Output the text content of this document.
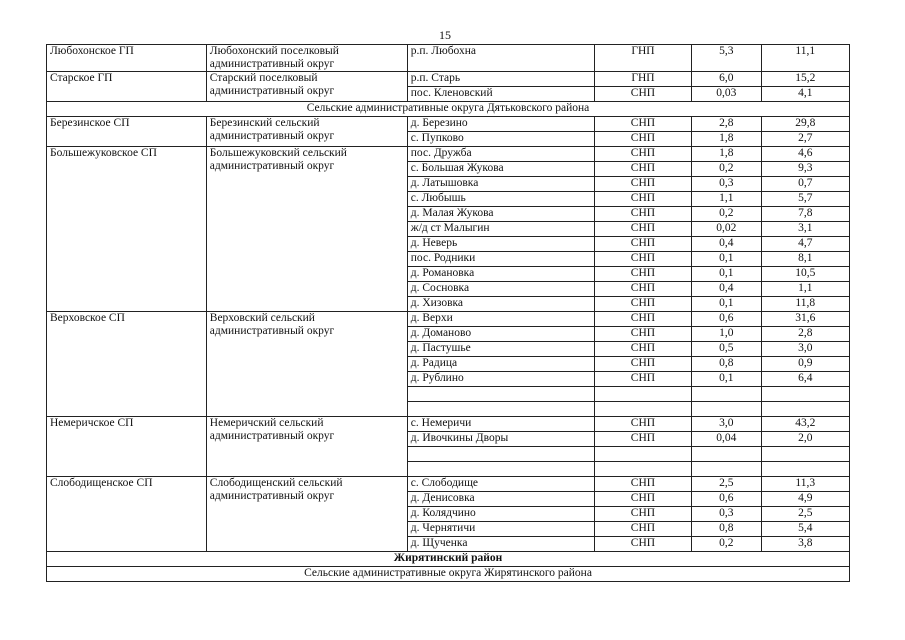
15
Любохонское ГП	Любохонский поселковый административный округ	р.п. Любохна	ГНП	5,3	11,1
Старское ГП	Старский поселковый административный округ	р.п. Старь	ГНП	6,0	15,2
		пос. Кленовский	СНП	0,03	4,1
Сельские административные округа Дятьковского района					
Березинское СП	Березинский сельский административный округ	д. Березино	СНП	2,8	29,8
		с. Пупково	СНП	1,8	2,7
Большежуковское СП	Большежуковский сельский административный округ	пос. Дружба	СНП	1,8	4,6
		с. Большая Жукова	СНП	0,2	9,3
		д. Латышовка	СНП	0,3	0,7
		с. Любышь	СНП	1,1	5,7
		д. Малая Жукова	СНП	0,2	7,8
		ж/д ст Малыгин	СНП	0,02	3,1
		д. Неверь	СНП	0,4	4,7
		пос. Родники	СНП	0,1	8,1
		д. Романовка	СНП	0,1	10,5
		д. Сосновка	СНП	0,4	1,1
		д. Хизовка	СНП	0,1	11,8
Верховское СП	Верховский сельский административный округ	д. Верхи	СНП	0,6	31,6
		д. Доманово	СНП	1,0	2,8
		д. Пастушье	СНП	0,5	3,0
		д. Радица	СНП	0,8	0,9
		д. Рублино	СНП	0,1	6,4

Немеричское СП	Немеричский сельский административный округ	с. Немеричи	СНП	3,0	43,2
		д. Ивочкины Дворы	СНП	0,04	2,0

Слободищенское СП	Слободищенский сельский административный округ	с. Слободище	СНП	2,5	11,3
		д. Денисовка	СНП	0,6	4,9
		д. Колядчино	СНП	0,3	2,5
		д. Чернятичи	СНП	0,8	5,4
		д. Щученка	СНП	0,2	3,8
Жирятинский район					
Сельские административные округа Жирятинского района					
